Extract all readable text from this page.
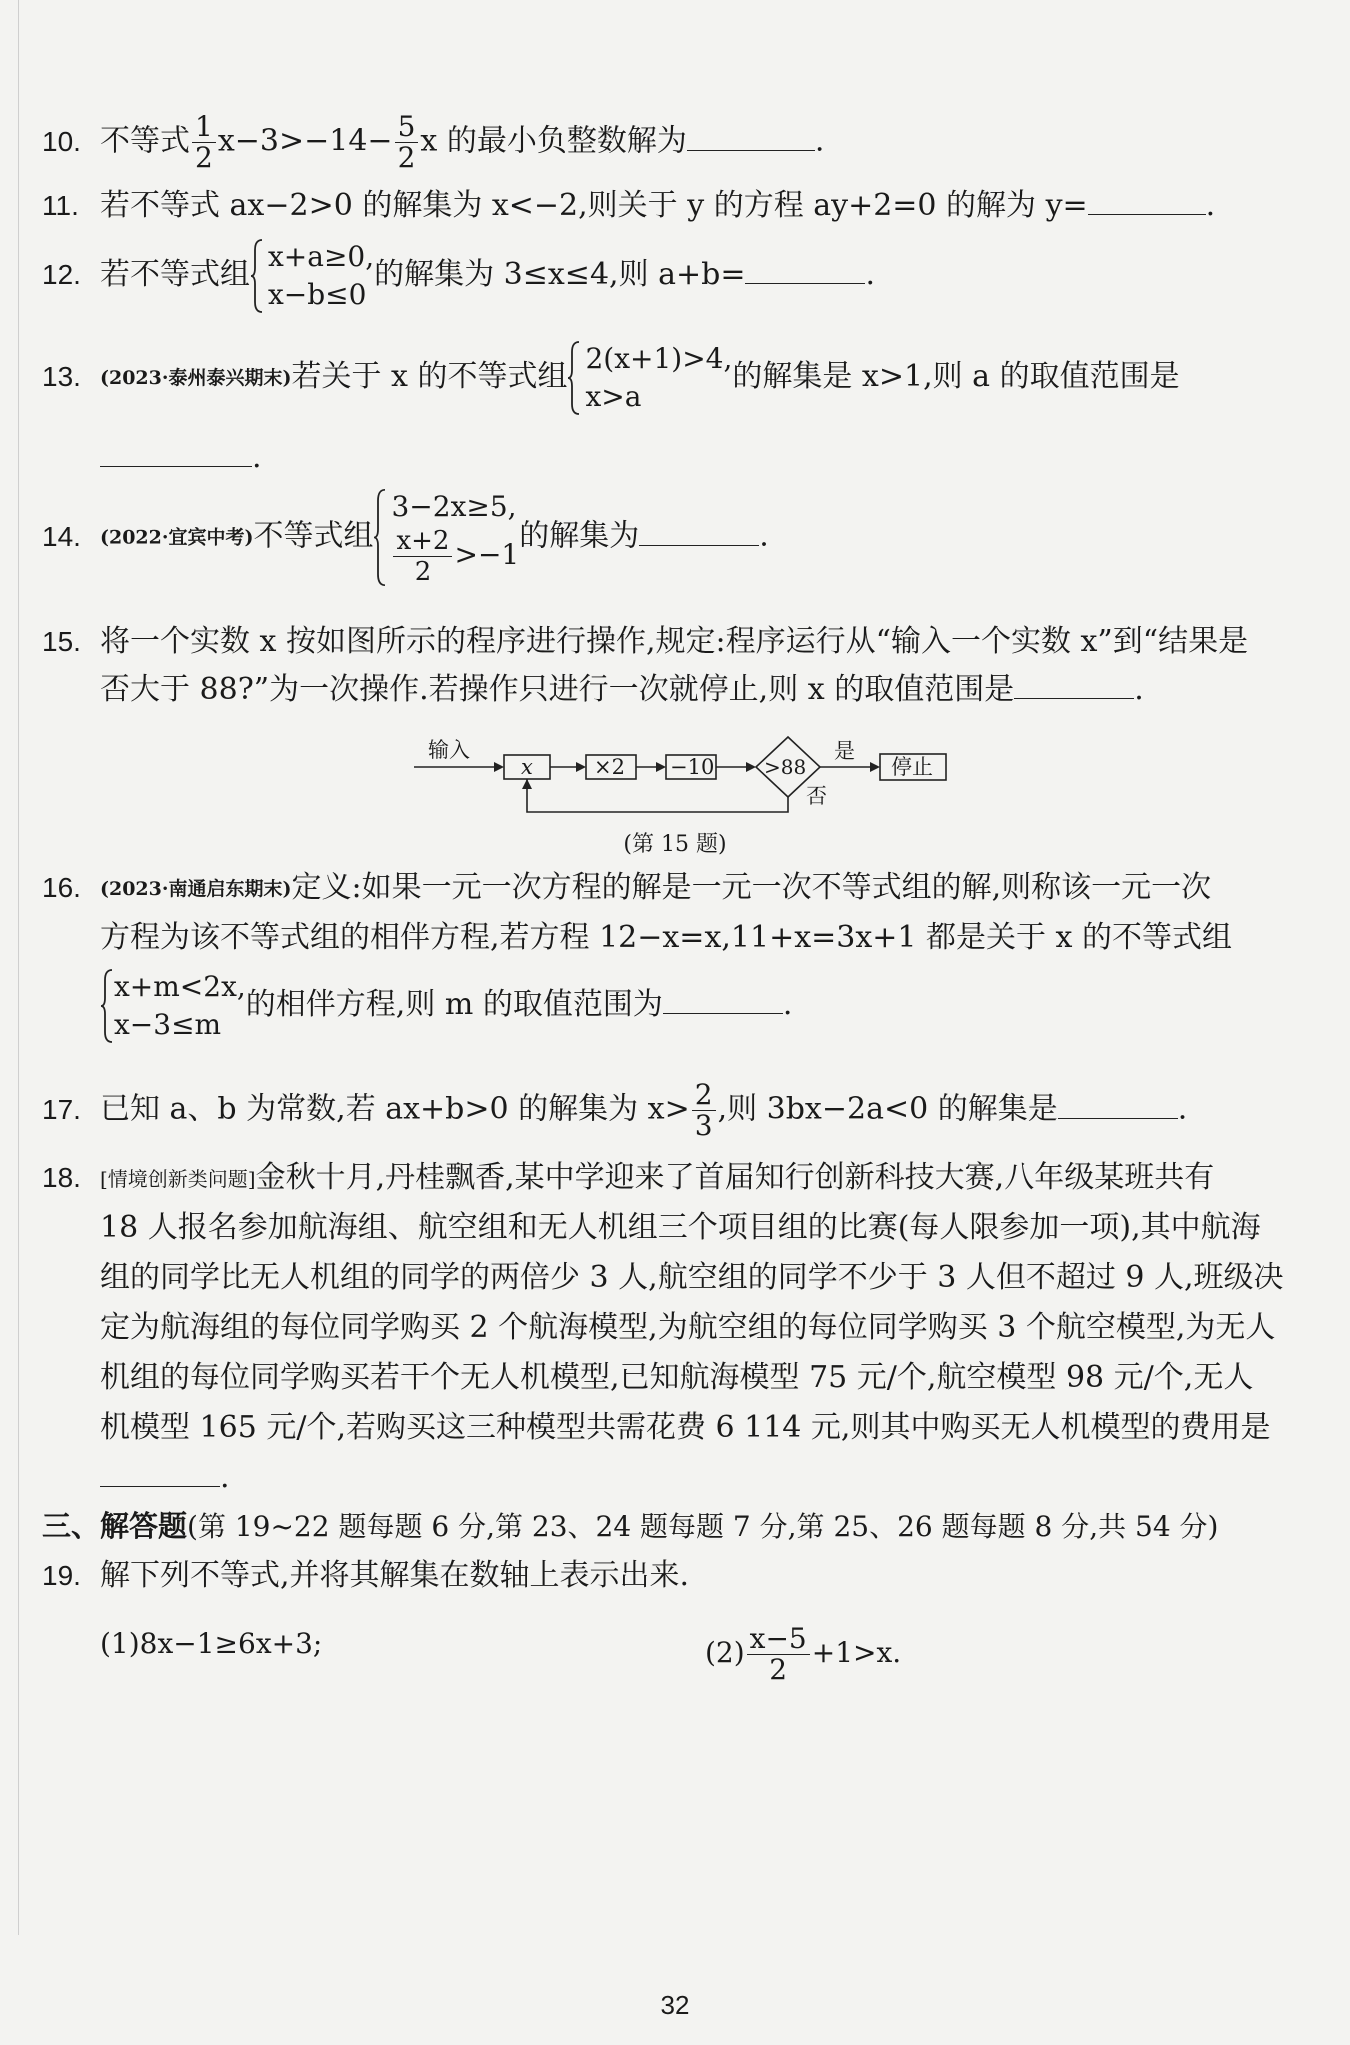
10. 不等式 $\frac{1}{2} x-3>-14- \frac{5}{2}$ x 的最小负整数解为	.
11. 若不等式 ax−2>0 的解集为 x<−2,则关于 y 的方程 ay+2=0 的解为 y=	.
12. 若不等式组
x+a≥0,
x−b≤0
的解集为 3≤x≤4,则 a+b=	.
13. (2023·泰州泰兴期末)若关于 x 的不等式组
2(x+1)>4,
x>a
的解集是 x>1,则 a 的取值范围是
.
14. (2022·宜宾中考)不等式组
3−2x≥5,
$\frac{x+2}{2} >-1$
的解集为	.
15. 将一个实数 x 按如图所示的程序进行操作,规定:程序运行从“输入一个实数 x”到“结果是
否大于 88?”为一次操作.若操作只进行一次就停止,则 x 的取值范围是	.
输入
x	×2 −10 >88
是
停止
否
(第 15 题)
16. (2023·南通启东期末)定义:如果一元一次方程的解是一元一次不等式组的解,则称该一元一次
方程为该不等式组的相伴方程,若方程 12−x=x,11+x=3x+1 都是关于 x 的不等式组
x+m<2x,
x−3≤m
的相伴方程,则 m 的取值范围为	.
17. 已知 a、b 为常数,若 ax+b>0 的解集为 $x> \frac{2}{3}$ ,则 3bx−2a<0 的解集是	.
18. [情境创新类问题]金秋十月,丹桂飘香,某中学迎来了首届知行创新科技大赛,八年级某班共有
18 人报名参加航海组、航空组和无人机组三个项目组的比赛(每人限参加一项),其中航海
组的同学比无人机组的同学的两倍少 3 人,航空组的同学不少于 3 人但不超过 9 人,班级决
定为航海组的每位同学购买 2 个航海模型,为航空组的每位同学购买 3 个航空模型,为无人
机组的每位同学购买若干个无人机模型,已知航海模型 75 元/个,航空模型 98 元/个,无人
机模型 165 元/个,若购买这三种模型共需花费 6 114 元,则其中购买无人机模型的费用是
.
三、解答题(第 19~22 题每题 6 分,第 23、24 题每题 7 分,第 25、26 题每题 8 分,共 54 分)
19. 解下列不等式,并将其解集在数轴上表示出来.
(1)8x−1≥6x+3;	$(2) \frac{x-5}{2} +1>x$.
32
